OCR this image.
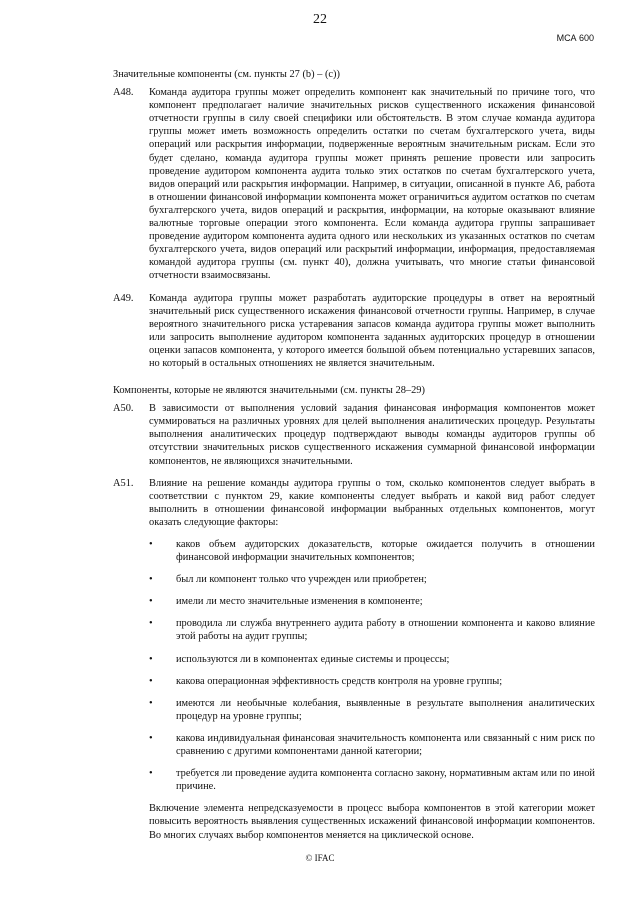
22
МСА 600
Значительные компоненты (см. пункты 27 (b) – (c))
A48.	Команда аудитора группы может определить компонент как значительный по причине того, что компонент предполагает наличие значительных рисков существенного искажения финансовой отчетности группы в силу своей специфики или обстоятельств. В этом случае команда аудитора группы может иметь возможность определить остатки по счетам бухгалтерского учета, виды операций или раскрытия информации, подверженные вероятным значительным рискам. Если это будет сделано, команда аудитора группы может принять решение провести или запросить проведение аудитором компонента аудита только этих остатков по счетам бухгалтерского учета, видов операций или раскрытия информации. Например, в ситуации, описанной в пункте А6, работа в отношении финансовой информации компонента может ограничиться аудитом остатков по счетам бухгалтерского учета, видов операций и раскрытия, информации, на которые оказывают влияние валютные торговые операции этого компонента. Если команда аудитора группы запрашивает проведение аудитором компонента аудита одного или нескольких из указанных остатков по счетам бухгалтерского учета, видов операций или раскрытий информации, информация, предоставляемая командой аудитора группы (см. пункт 40), должна учитывать, что многие статьи финансовой отчетности взаимосвязаны.
A49.	Команда аудитора группы может разработать аудиторские процедуры в ответ на вероятный значительный риск существенного искажения финансовой отчетности группы. Например, в случае вероятного значительного риска устаревания запасов команда аудитора группы может выполнить или запросить выполнение аудитором компонента заданных аудиторских процедур в отношении оценки запасов компонента, у которого имеется большой объем потенциально устаревших запасов, но который в остальных отношениях не является значительным.
Компоненты, которые не являются значительными (см. пункты 28–29)
A50.	В зависимости от выполнения условий задания финансовая информация компонентов может суммироваться на различных уровнях для целей выполнения аналитических процедур. Результаты выполнения аналитических процедур подтверждают выводы команды аудиторов группы об отсутствии значительных рисков существенного искажения суммарной финансовой информации компонентов, не являющихся значительными.
A51.	Влияние на решение команды аудитора группы о том, сколько компонентов следует выбрать в соответствии с пунктом 29, какие компоненты следует выбрать и какой вид работ следует выполнить в отношении финансовой информации выбранных отдельных компонентов, могут оказать следующие факторы:
• каков объем аудиторских доказательств, которые ожидается получить в отношении финансовой информации значительных компонентов;
• был ли компонент только что учрежден или приобретен;
• имели ли место значительные изменения в компоненте;
• проводила ли служба внутреннего аудита работу в отношении компонента и каково влияние этой работы на аудит группы;
• используются ли в компонентах единые системы и процессы;
• какова операционная эффективность средств контроля на уровне группы;
• имеются ли необычные колебания, выявленные в результате выполнения аналитических процедур на уровне группы;
• какова индивидуальная финансовая значительность компонента или связанный с ним риск по сравнению с другими компонентами данной категории;
• требуется ли проведение аудита компонента согласно закону, нормативным актам или по иной причине.
Включение элемента непредсказуемости в процесс выбора компонентов в этой категории может повысить вероятность выявления существенных искажений финансовой информации компонентов. Во многих случаях выбор компонентов меняется на циклической основе.
© IFAC
